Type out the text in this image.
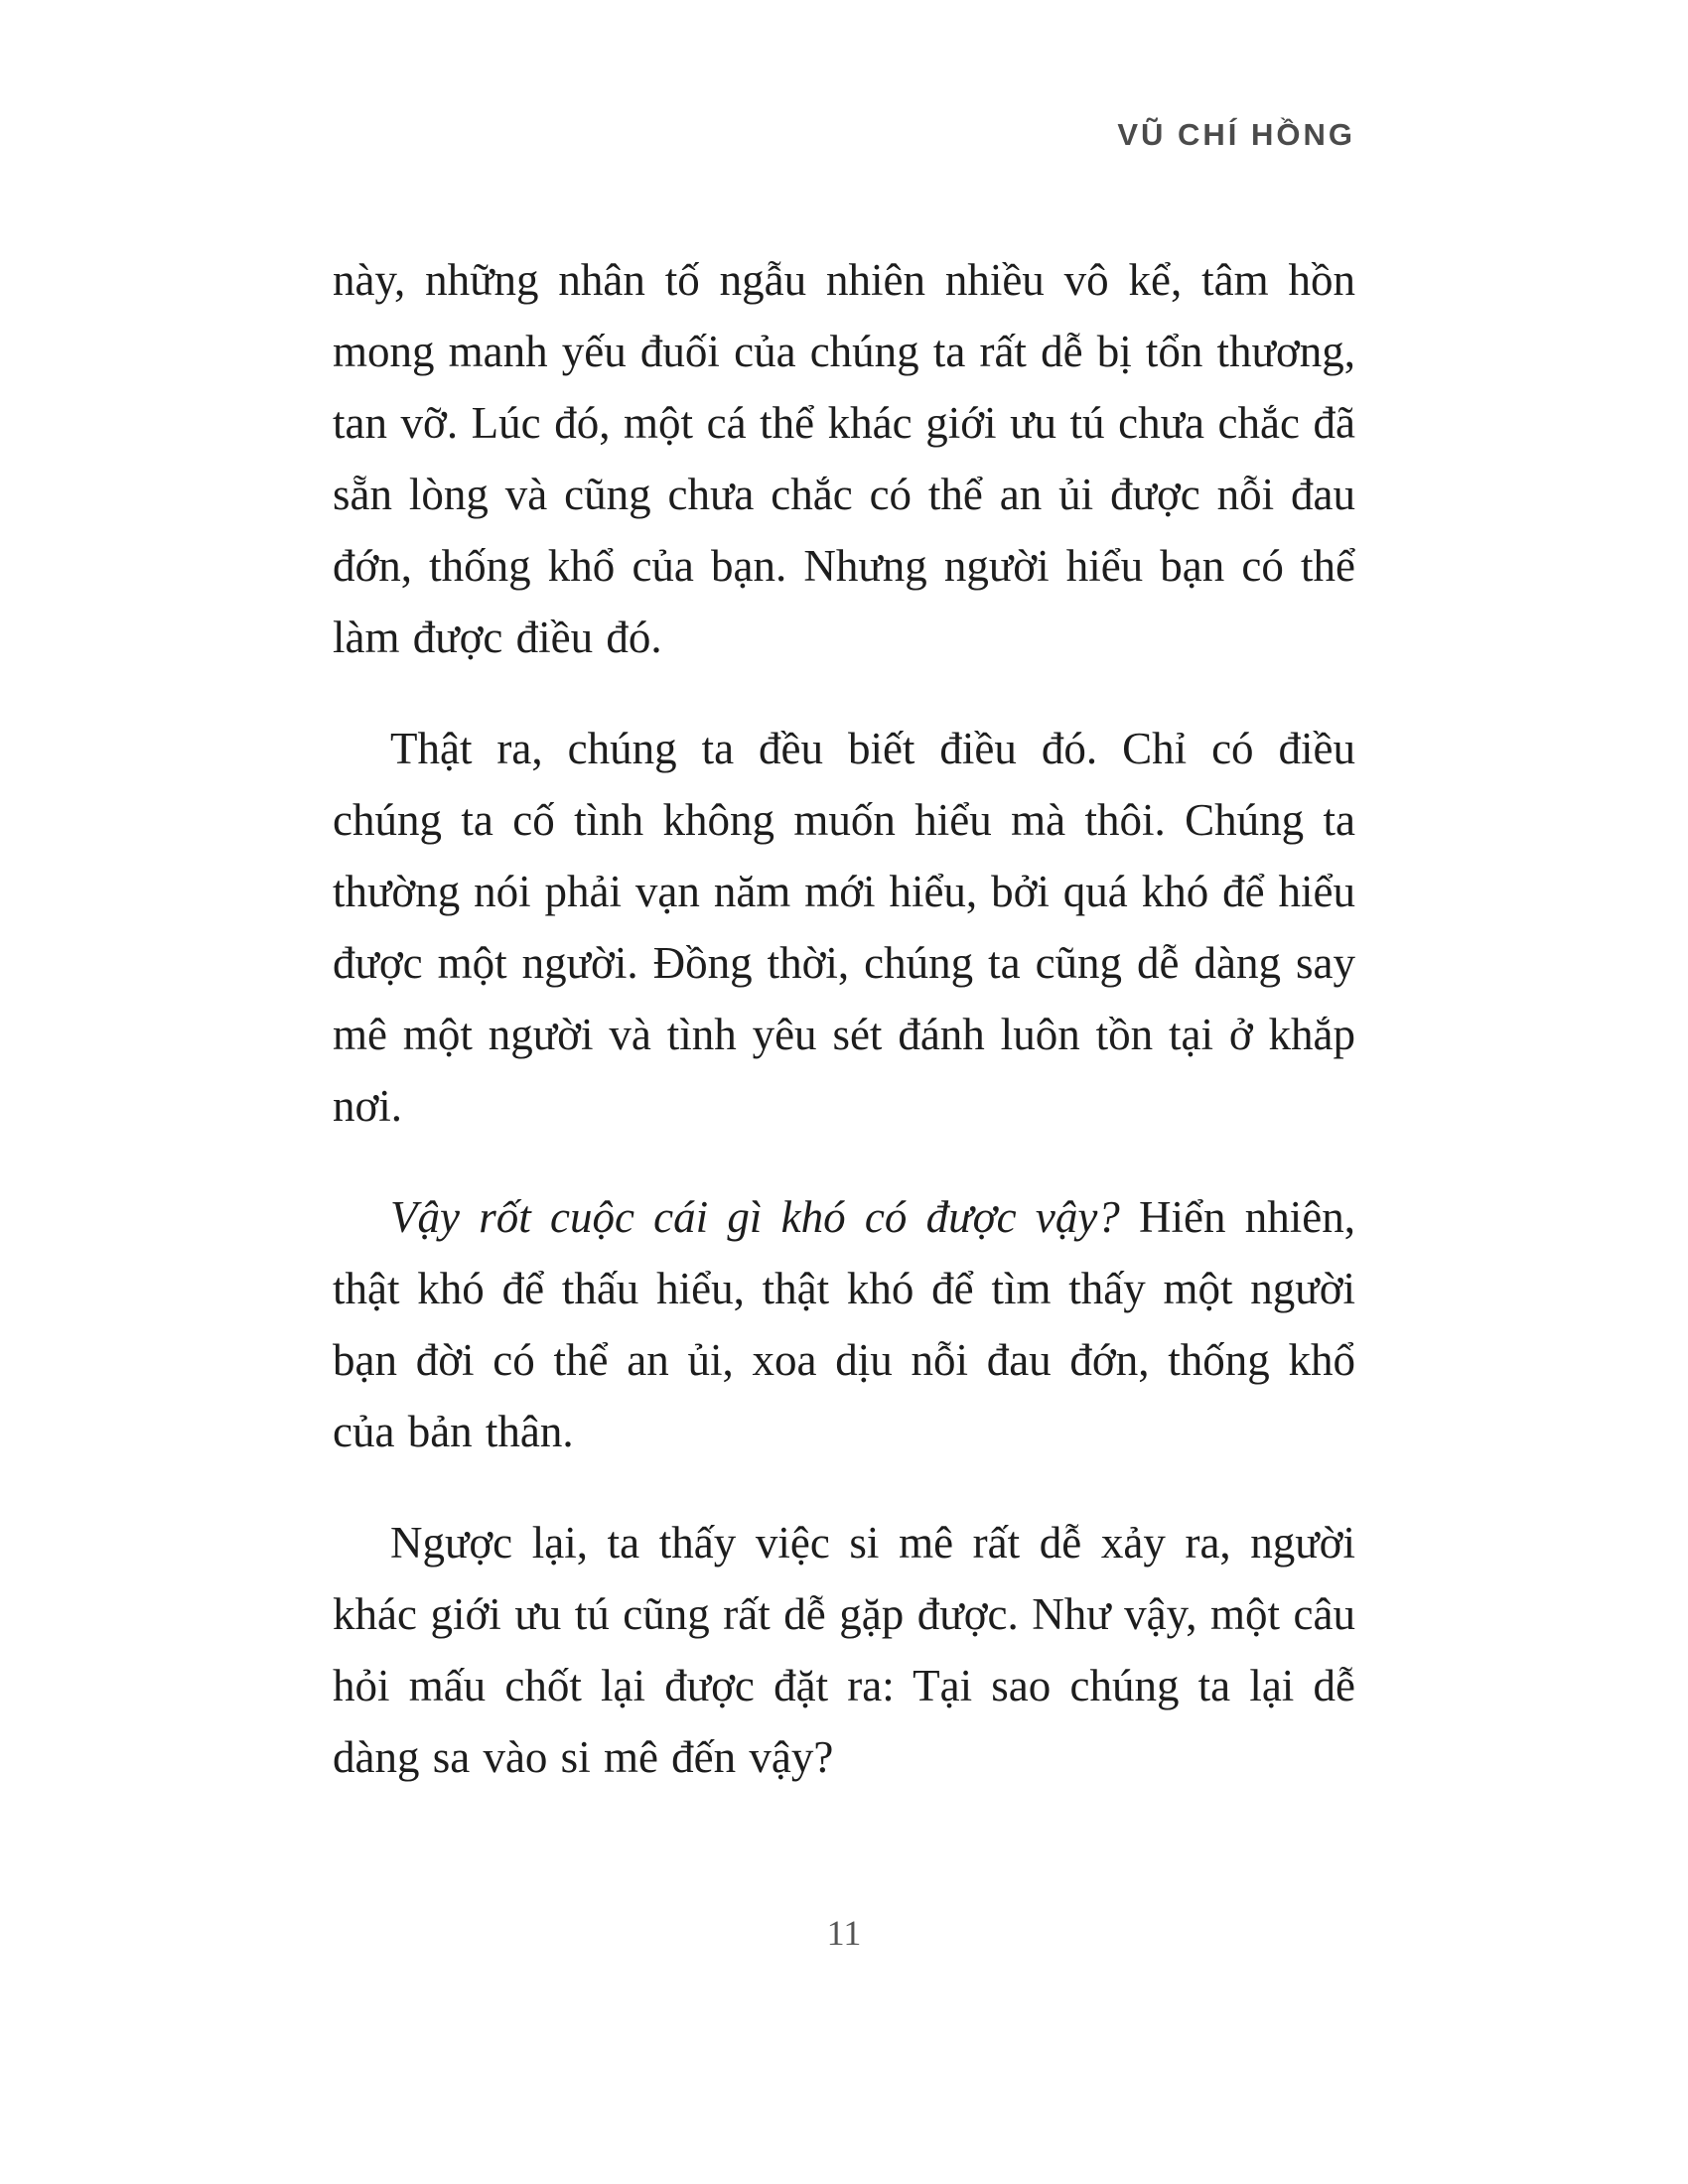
VŨ CHÍ HỒNG

này, những nhân tố ngẫu nhiên nhiều vô kể, tâm hồn mong manh yếu đuối của chúng ta rất dễ bị tổn thương, tan vỡ. Lúc đó, một cá thể khác giới ưu tú chưa chắc đã sẵn lòng và cũng chưa chắc có thể an ủi được nỗi đau đớn, thống khổ của bạn. Nhưng người hiểu bạn có thể làm được điều đó.

Thật ra, chúng ta đều biết điều đó. Chỉ có điều chúng ta cố tình không muốn hiểu mà thôi. Chúng ta thường nói phải vạn năm mới hiểu, bởi quá khó để hiểu được một người. Đồng thời, chúng ta cũng dễ dàng say mê một người và tình yêu sét đánh luôn tồn tại ở khắp nơi.

Vậy rốt cuộc cái gì khó có được vậy? Hiển nhiên, thật khó để thấu hiểu, thật khó để tìm thấy một người bạn đời có thể an ủi, xoa dịu nỗi đau đớn, thống khổ của bản thân.

Ngược lại, ta thấy việc si mê rất dễ xảy ra, người khác giới ưu tú cũng rất dễ gặp được. Như vậy, một câu hỏi mấu chốt lại được đặt ra: Tại sao chúng ta lại dễ dàng sa vào si mê đến vậy?

11
